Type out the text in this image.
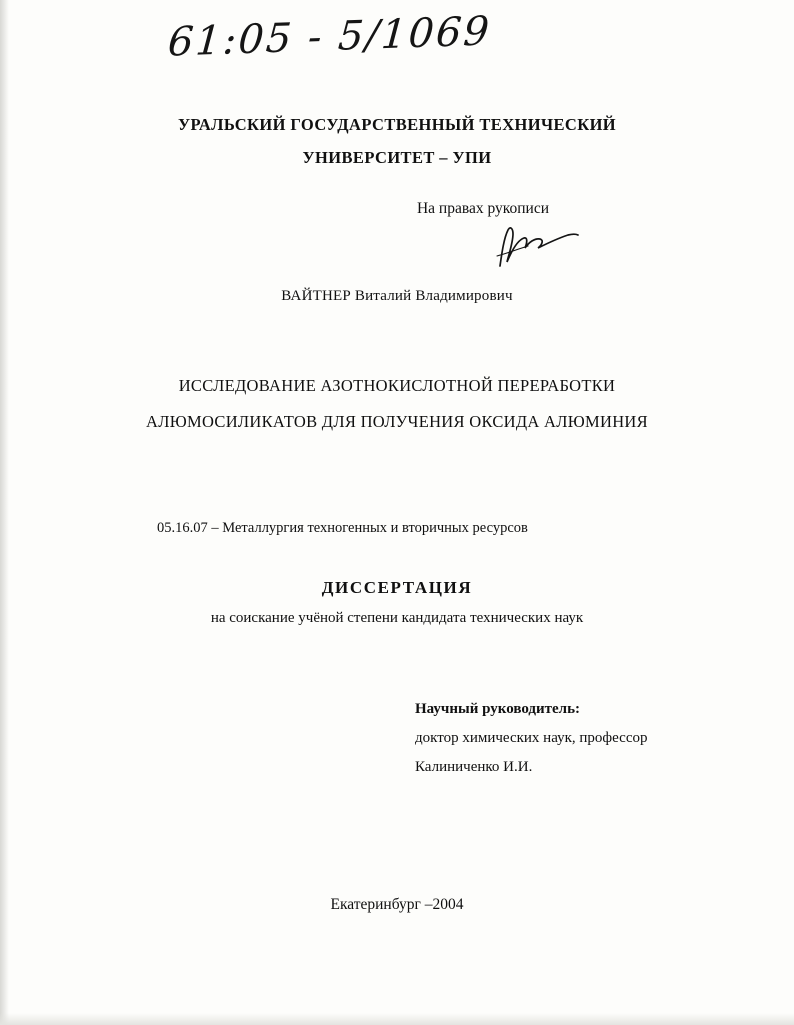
61:05 - 5/1069
УРАЛЬСКИЙ ГОСУДАРСТВЕННЫЙ ТЕХНИЧЕСКИЙ
УНИВЕРСИТЕТ – УПИ
На правах рукописи
ВАЙТНЕР Виталий Владимирович
ИССЛЕДОВАНИЕ АЗОТНОКИСЛОТНОЙ ПЕРЕРАБОТКИ
АЛЮМОСИЛИКАТОВ ДЛЯ ПОЛУЧЕНИЯ ОКСИДА АЛЮМИНИЯ
05.16.07 – Металлургия техногенных и вторичных ресурсов
ДИССЕРТАЦИЯ
на соискание учёной степени кандидата технических наук
Научный руководитель:
доктор химических наук, профессор
Калиниченко И.И.
Екатеринбург –2004
